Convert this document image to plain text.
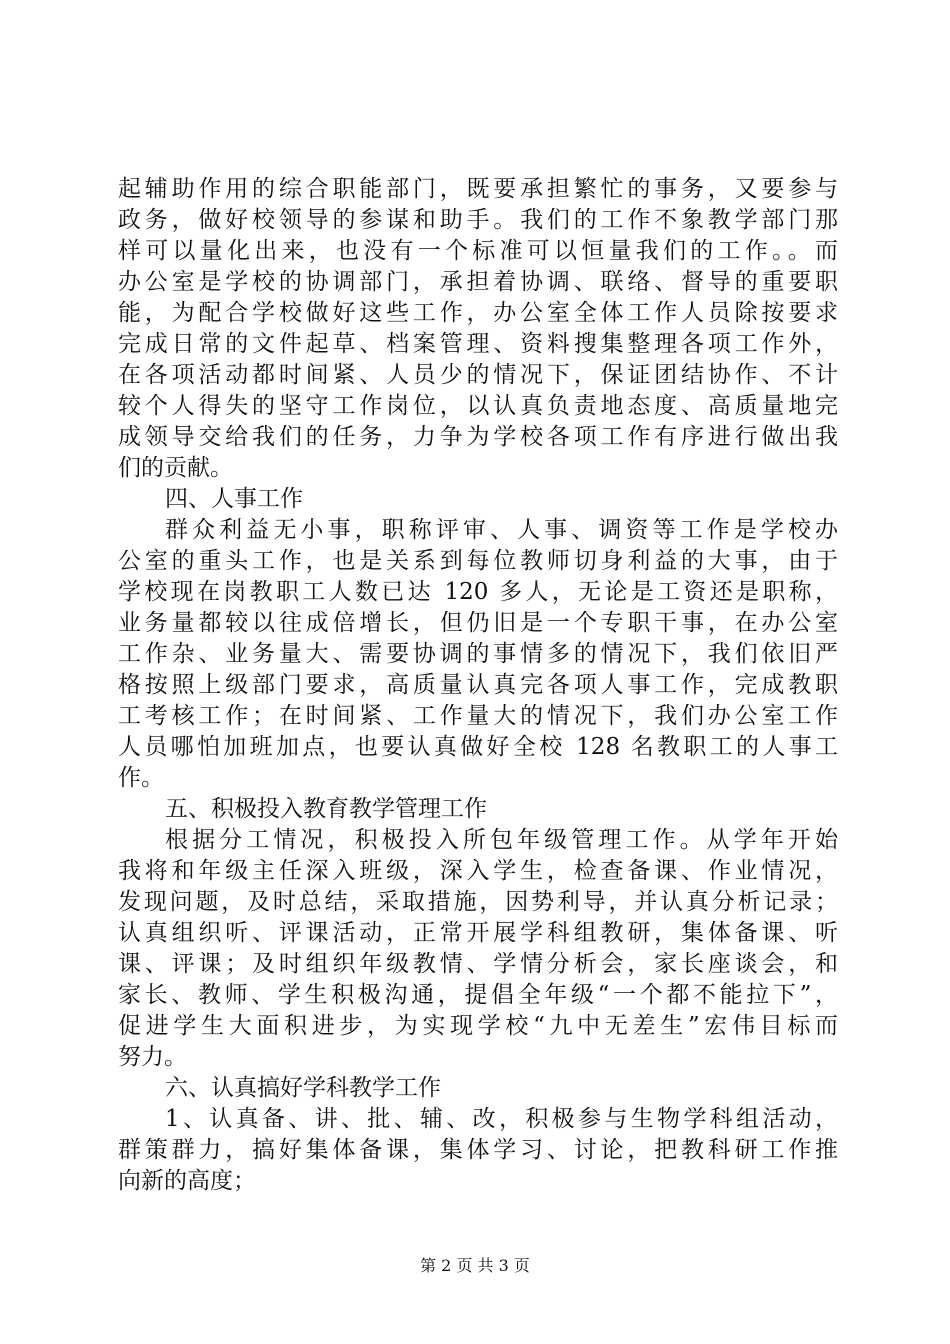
起辅助作用的综合职能部门，既要承担繁忙的事务，又要参与
政务，做好校领导的参谋和助手。我们的工作不象教学部门那
样可以量化出来，也没有一个标准可以恒量我们的工作。。而
办公室是学校的协调部门，承担着协调、联络、督导的重要职
能，为配合学校做好这些工作，办公室全体工作人员除按要求
完成日常的文件起草、档案管理、资料搜集整理各项工作外，
在各项活动都时间紧、人员少的情况下，保证团结协作、不计
较个人得失的坚守工作岗位，以认真负责地态度、高质量地完
成领导交给我们的任务，力争为学校各项工作有序进行做出我
们的贡献。
四、人事工作
群众利益无小事，职称评审、人事、调资等工作是学校办
公室的重头工作，也是关系到每位教师切身利益的大事，由于
学校现在岗教职工人数已达 120 多人，无论是工资还是职称，
业务量都较以往成倍增长，但仍旧是一个专职干事，在办公室
工作杂、业务量大、需要协调的事情多的情况下，我们依旧严
格按照上级部门要求，高质量认真完各项人事工作，完成教职
工考核工作；在时间紧、工作量大的情况下，我们办公室工作
人员哪怕加班加点，也要认真做好全校 128 名教职工的人事工
作。
五、积极投入教育教学管理工作
根据分工情况，积极投入所包年级管理工作。从学年开始
我将和年级主任深入班级，深入学生，检查备课、作业情况，
发现问题，及时总结，采取措施，因势利导，并认真分析记录；
认真组织听、评课活动，正常开展学科组教研，集体备课、听
课、评课；及时组织年级教情、学情分析会，家长座谈会，和
家长、教师、学生积极沟通，提倡全年级“一个都不能拉下”，
促进学生大面积进步，为实现学校“九中无差生”宏伟目标而
努力。
六、认真搞好学科教学工作
1、认真备、讲、批、辅、改，积极参与生物学科组活动，
群策群力，搞好集体备课，集体学习、讨论，把教科研工作推
向新的高度；
第 2 页 共 3 页
